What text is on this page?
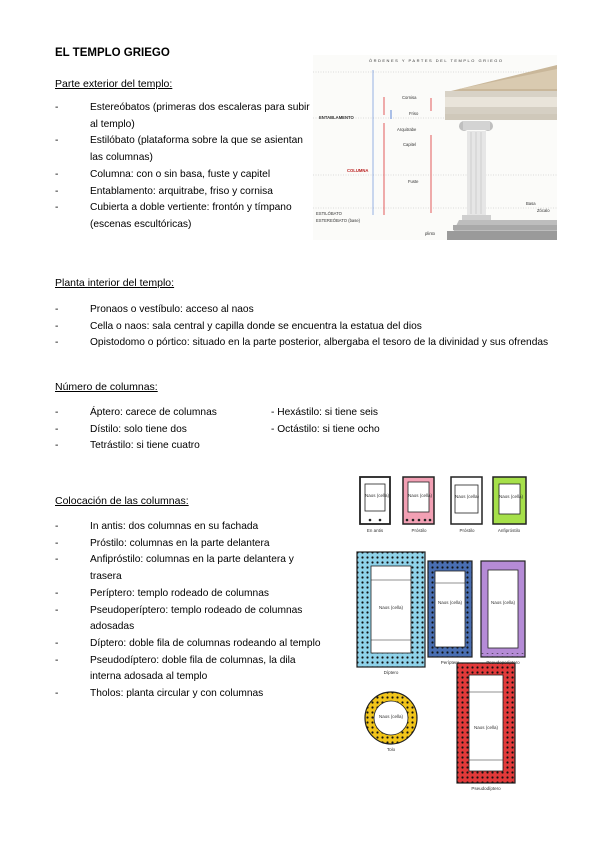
EL TEMPLO GRIEGO
Parte exterior del templo:
- Estereóbatos (primeras dos escaleras para subir al templo)
- Estilóbato (plataforma sobre la que se asientan las columnas)
- Columna: con o sin basa, fuste y capitel
- Entablamento: arquitrabe, friso y cornisa
- Cubierta a doble vertiente: frontón y tímpano (escenas escultóricas)
ÓRDENES Y PARTES DEL TEMPLO GRIEGO
Cornisa
Friso
Arquitrabe
Capitel
Fuste
Basa
Zócalo
ENTABLAMENTO
COLUMNA
ESTILÓBATO
ESTEREÓBATO (base)
plinto
Planta interior del templo:
- Pronaos o vestíbulo: acceso al naos
- Cella o naos: sala central y capilla donde se encuentra la estatua del dios
- Opistodomo o pórtico: situado en la parte posterior, albergaba el tesoro de la divinidad y sus ofrendas
Número de columnas:
- Áptero: carece de columnas
- Dístilo: solo tiene dos
- Tetrástilo: si tiene cuatro
- Hexástilo: si tiene seis
- Octástilo: si tiene ocho
Colocación de las columnas:
- In antis: dos columnas en su fachada
- Próstilo: columnas en la parte delantera
- Anfipróstilo: columnas en la parte delantera y trasera
- Períptero: templo rodeado de columnas
- Pseudoperíptero: templo rodeado de columnas adosadas
- Díptero: doble fila de columnas rodeando al templo
- Pseudodíptero: doble fila de columnas, la dila interna adosada al templo
- Tholos: planta circular y con columnas
Naos (cella)	Naos (cella)	Naos (cella)	Naos (cella)
Naos (cella)
Naos (cella)	Naos (cella)
Naos (cella)
Naos (cella)
En antis	Próstilo	Próstilo	Anfipróstilo
Díptero
Períptero	Pseudoperíptero
Tolo
Pseudodíptero
